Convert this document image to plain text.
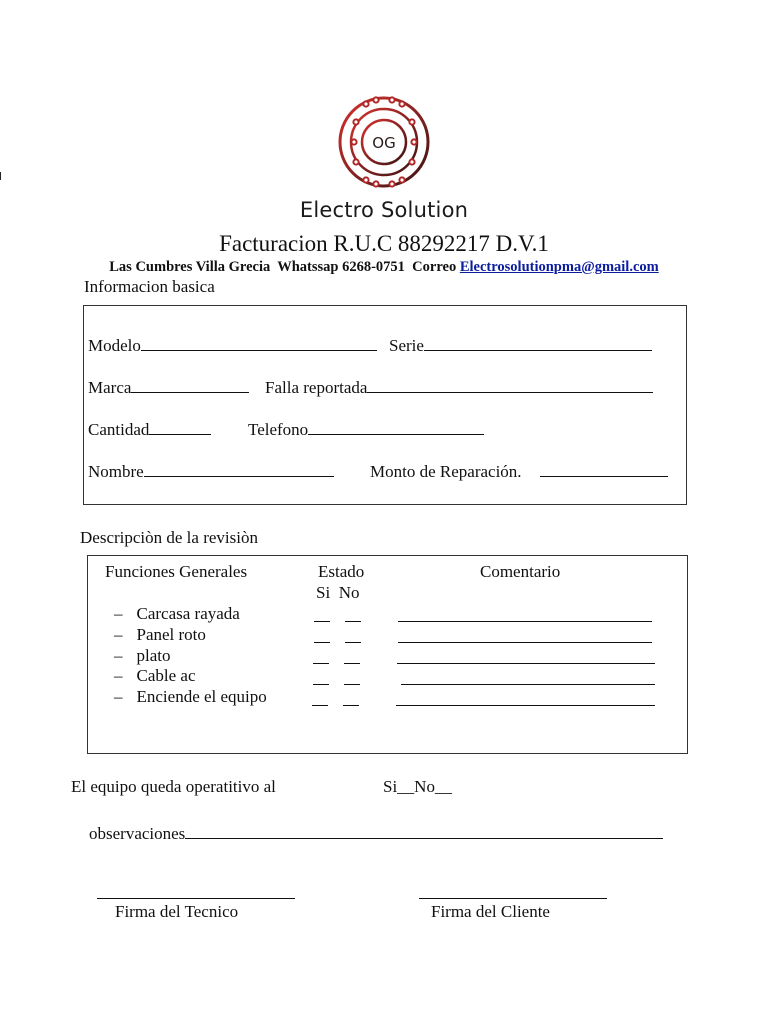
OG
Electro Solution
Facturacion R.U.C 88292217 D.V.1
Las Cumbres Villa Grecia  Whatssap 6268-0751  Correo Electrosolutionpma@gmail.com
Informacion basica
Modelo	Serie
Marca	Falla reportada
Cantidad	Telefono
Nombre	Monto de Reparación.
Descripciòn de la revisiòn
Funciones Generales	Estado	Comentario
Si No
– Carcasa rayada
– Panel roto
– plato
– Cable ac
– Enciende el equipo
El equipo queda operatitivo al	Si__No__
observaciones
Firma del Tecnico	Firma del Cliente
